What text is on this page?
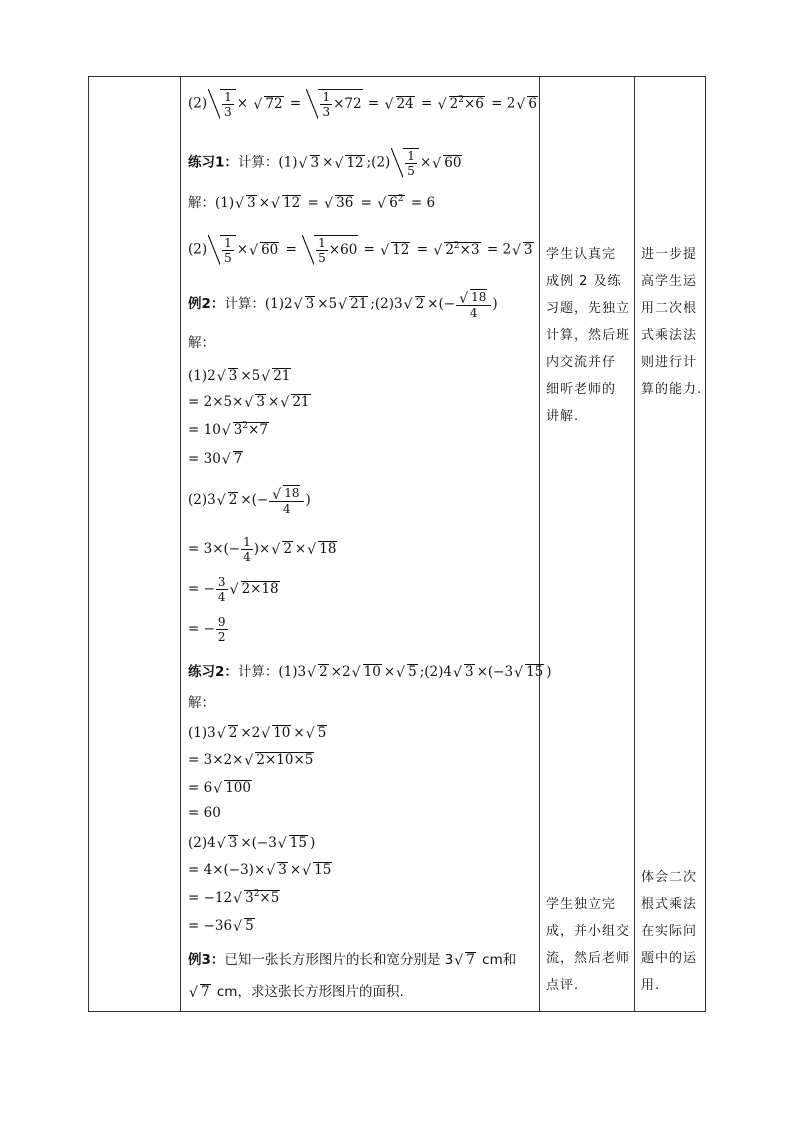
$(2) \frac{1}{3}$ × √ $72 = \frac{1}{3} \times 72$ = √ 24 = √ $2^2\times 6 = 2√$ 6
练习1：计算：(1)√ 3 ×√ 12 ;(2) $\frac{1}{5}$ ×√ 60
解：(1)√ 3 ×√ 12 = √ 36 = √ $6^2 = 6$
$(2) \frac{1}{5}$ ×√ $60 = \frac{1}{5} \times 60$ = √ 12 = √ $2^2\times 3 = 2√$ 3
例2：计算：(1)2√ 3 ×5√ 21 ;(2)3√ 2 ×(−
√ $\frac{18}{4}$ )
解：
(1)2√ 3 ×5√ 21
= 2×5×√ 3 ×√ 21
= 10√ $3^2\times 7$
= 30√ 7
(2)3√ 2 ×(−
√ $\frac{18}{4}$ )
= $3\times(- \frac{1}{4}$ )×√ 2 ×√ 18
= − $\frac{3}{4}$
√ 2×18
= − $\frac{9}{2}$
练习2：计算：(1)3√ 2 ×2√ 10 ×√ 5 ;(2)4√ 3 ×(−3√ 15 )
解：
(1)3√ 2 ×2√ 10 ×√ 5
= 3×2×√ 2×10×5
= 6√ 100
= 60
(2)4√ 3 ×(−3√ 15 )
= 4×(−3)×√ 3 ×√ 15
= −12√ $3^2\times 5$
= −36√ 5
例3：已知一张长方形图片的长和宽分别是 3√ 7 cm和
√ 7 cm，求这张长方形图片的面积.
学生认真完
成例 2 及练
习题，先独立
计算，然后班
内交流并仔
细听老师的
讲解.
学生独立完
成，并小组交
流，然后老师
点评.
进一步提
高学生运
用二次根
式乘法法
则进行计
算的能力.
体会二次
根式乘法
在实际问
题中的运
用.
